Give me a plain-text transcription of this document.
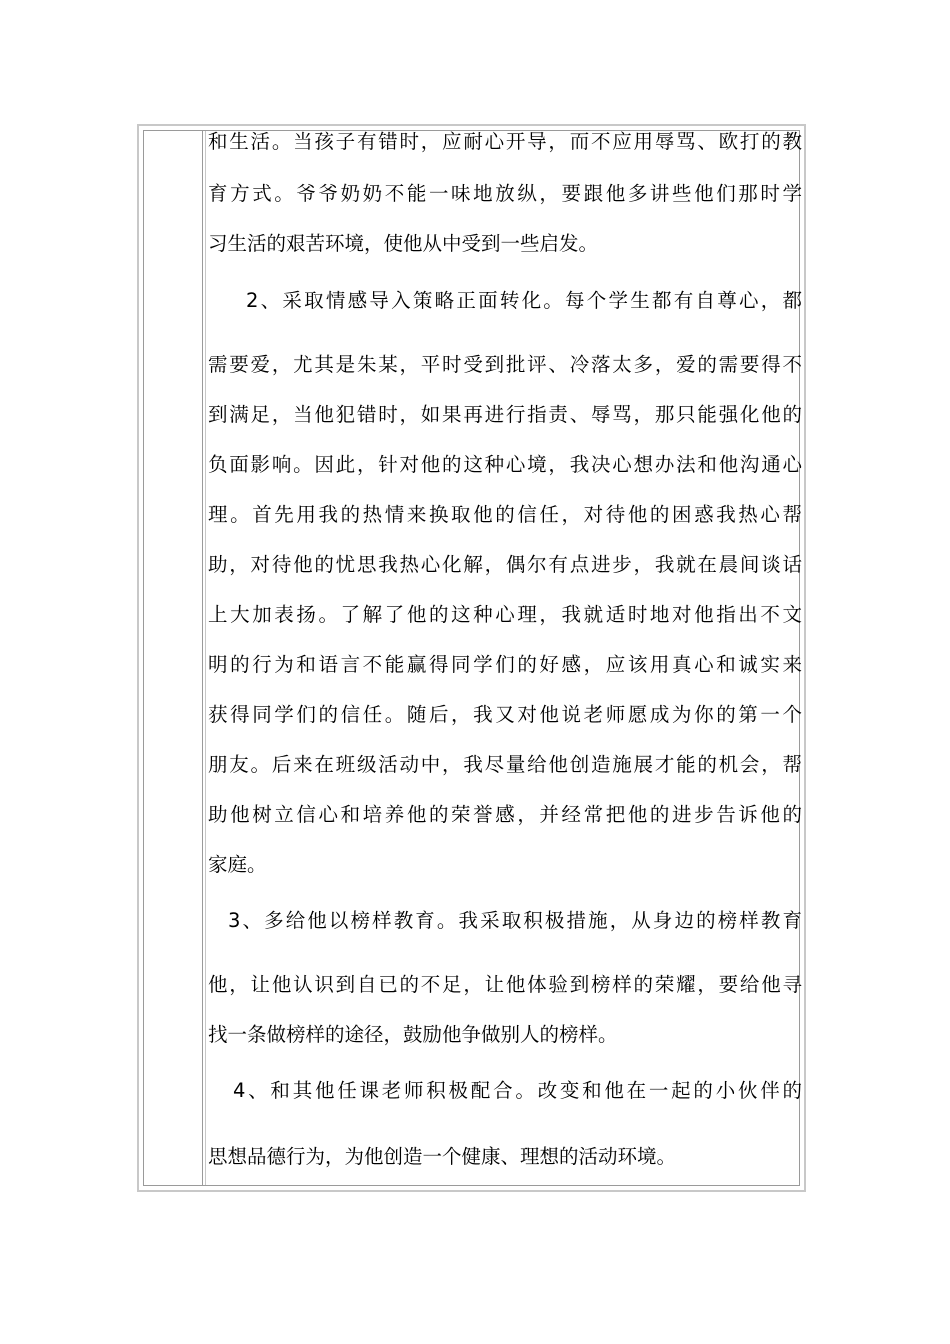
和生活。当孩子有错时，应耐心开导，而不应用辱骂、欧打的教
育方式。爷爷奶奶不能一味地放纵，要跟他多讲些他们那时学
习生活的艰苦环境，使他从中受到一些启发。
2、采取情感导入策略正面转化。每个学生都有自尊心，都
需要爱，尤其是朱某，平时受到批评、冷落太多，爱的需要得不
到满足，当他犯错时，如果再进行指责、辱骂，那只能强化他的
负面影响。因此，针对他的这种心境，我决心想办法和他沟通心
理。首先用我的热情来换取他的信任，对待他的困惑我热心帮
助，对待他的忧思我热心化解，偶尔有点进步，我就在晨间谈话
上大加表扬。了解了他的这种心理，我就适时地对他指出不文
明的行为和语言不能赢得同学们的好感，应该用真心和诚实来
获得同学们的信任。随后，我又对他说老师愿成为你的第一个
朋友。后来在班级活动中，我尽量给他创造施展才能的机会，帮
助他树立信心和培养他的荣誉感，并经常把他的进步告诉他的
家庭。
3、多给他以榜样教育。我采取积极措施，从身边的榜样教育
他，让他认识到自已的不足，让他体验到榜样的荣耀，要给他寻
找一条做榜样的途径，鼓励他争做别人的榜样。
4、和其他任课老师积极配合。改变和他在一起的小伙伴的
思想品德行为，为他创造一个健康、理想的活动环境。
